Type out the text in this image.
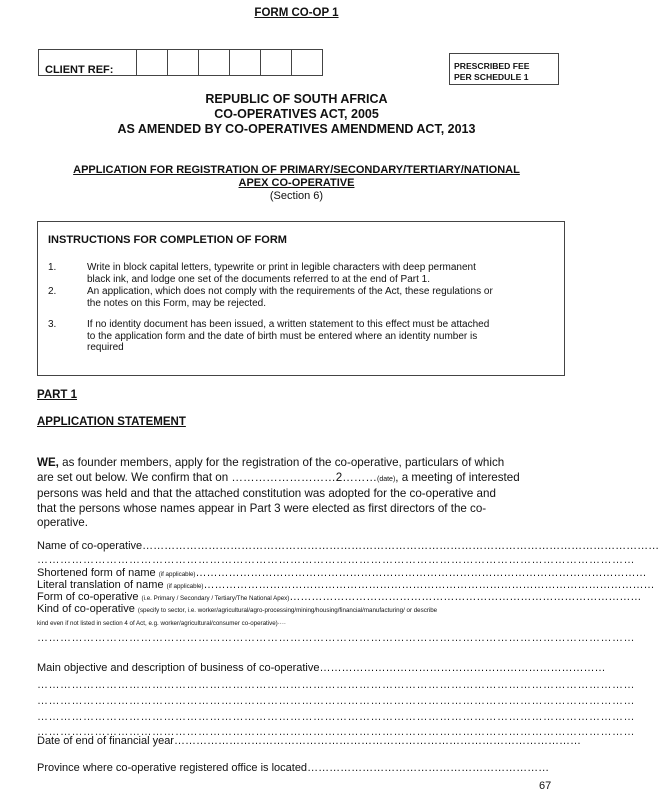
FORM CO-OP 1
CLIENT REF:	PRESCRIBED FEE
PER SCHEDULE 1
REPUBLIC OF SOUTH AFRICA
CO-OPERATIVES ACT, 2005
AS AMENDED BY CO-OPERATIVES AMENDMEND ACT, 2013
APPLICATION FOR REGISTRATION OF PRIMARY/SECONDARY/TERTIARY/NATIONAL
APEX CO-OPERATIVE
(Section 6)
INSTRUCTIONS FOR COMPLETION OF FORM
1.	Write in block capital letters, typewrite or print in legible characters with deep permanent
black ink, and lodge one set of the documents referred to at the end of Part 1.
2.	An application, which does not comply with the requirements of the Act, these regulations or
the notes on this Form, may be rejected.
3.	If no identity document has been issued, a written statement to this effect must be attached
to the application form and the date of birth must be entered where an identity number is
required
PART 1
APPLICATION STATEMENT
WE, as founder members, apply for the registration of the co-operative, particulars of which
are set out below. We confirm that on ………………………2………(date), a meeting of interested
persons was held and that the attached constitution was adopted for the co-operative and
that the persons whose names appear in Part 3 were elected as first directors of the co-
operative.
Name of co-operative……………………………………………………………………………………………………………………………
…………………………………………………………………………………………………………………………………………
Shortened form of name (if applicable)……………………………………………………………………………………………………………
Literal translation of name (if applicable)……………………………………………………………………………………………………………
Form of co-operative (i.e. Primary / Secondary / Tertiary/The National Apex)……………………………………………………………………………………
Kind of co-operative (specify to sector, i.e. worker/agricultural/agro-processing/mining/housing/financial/manufacturing/ or describe
kind even if not listed in section 4 of Act, e.g. worker/agricultural/consumer co-operative)····
…………………………………………………………………………………………………………………………………………
Main objective and description of business of co-operative……………………………………………………………………
…………………………………………………………………………………………………………………………………………
…………………………………………………………………………………………………………………………………………
…………………………………………………………………………………………………………………………………………
…………………………………………………………………………………………………………………………………………
Date of end of financial year…………………………………………………………………………………………………
Province where co-operative registered office is located…………………………………………………………
67
